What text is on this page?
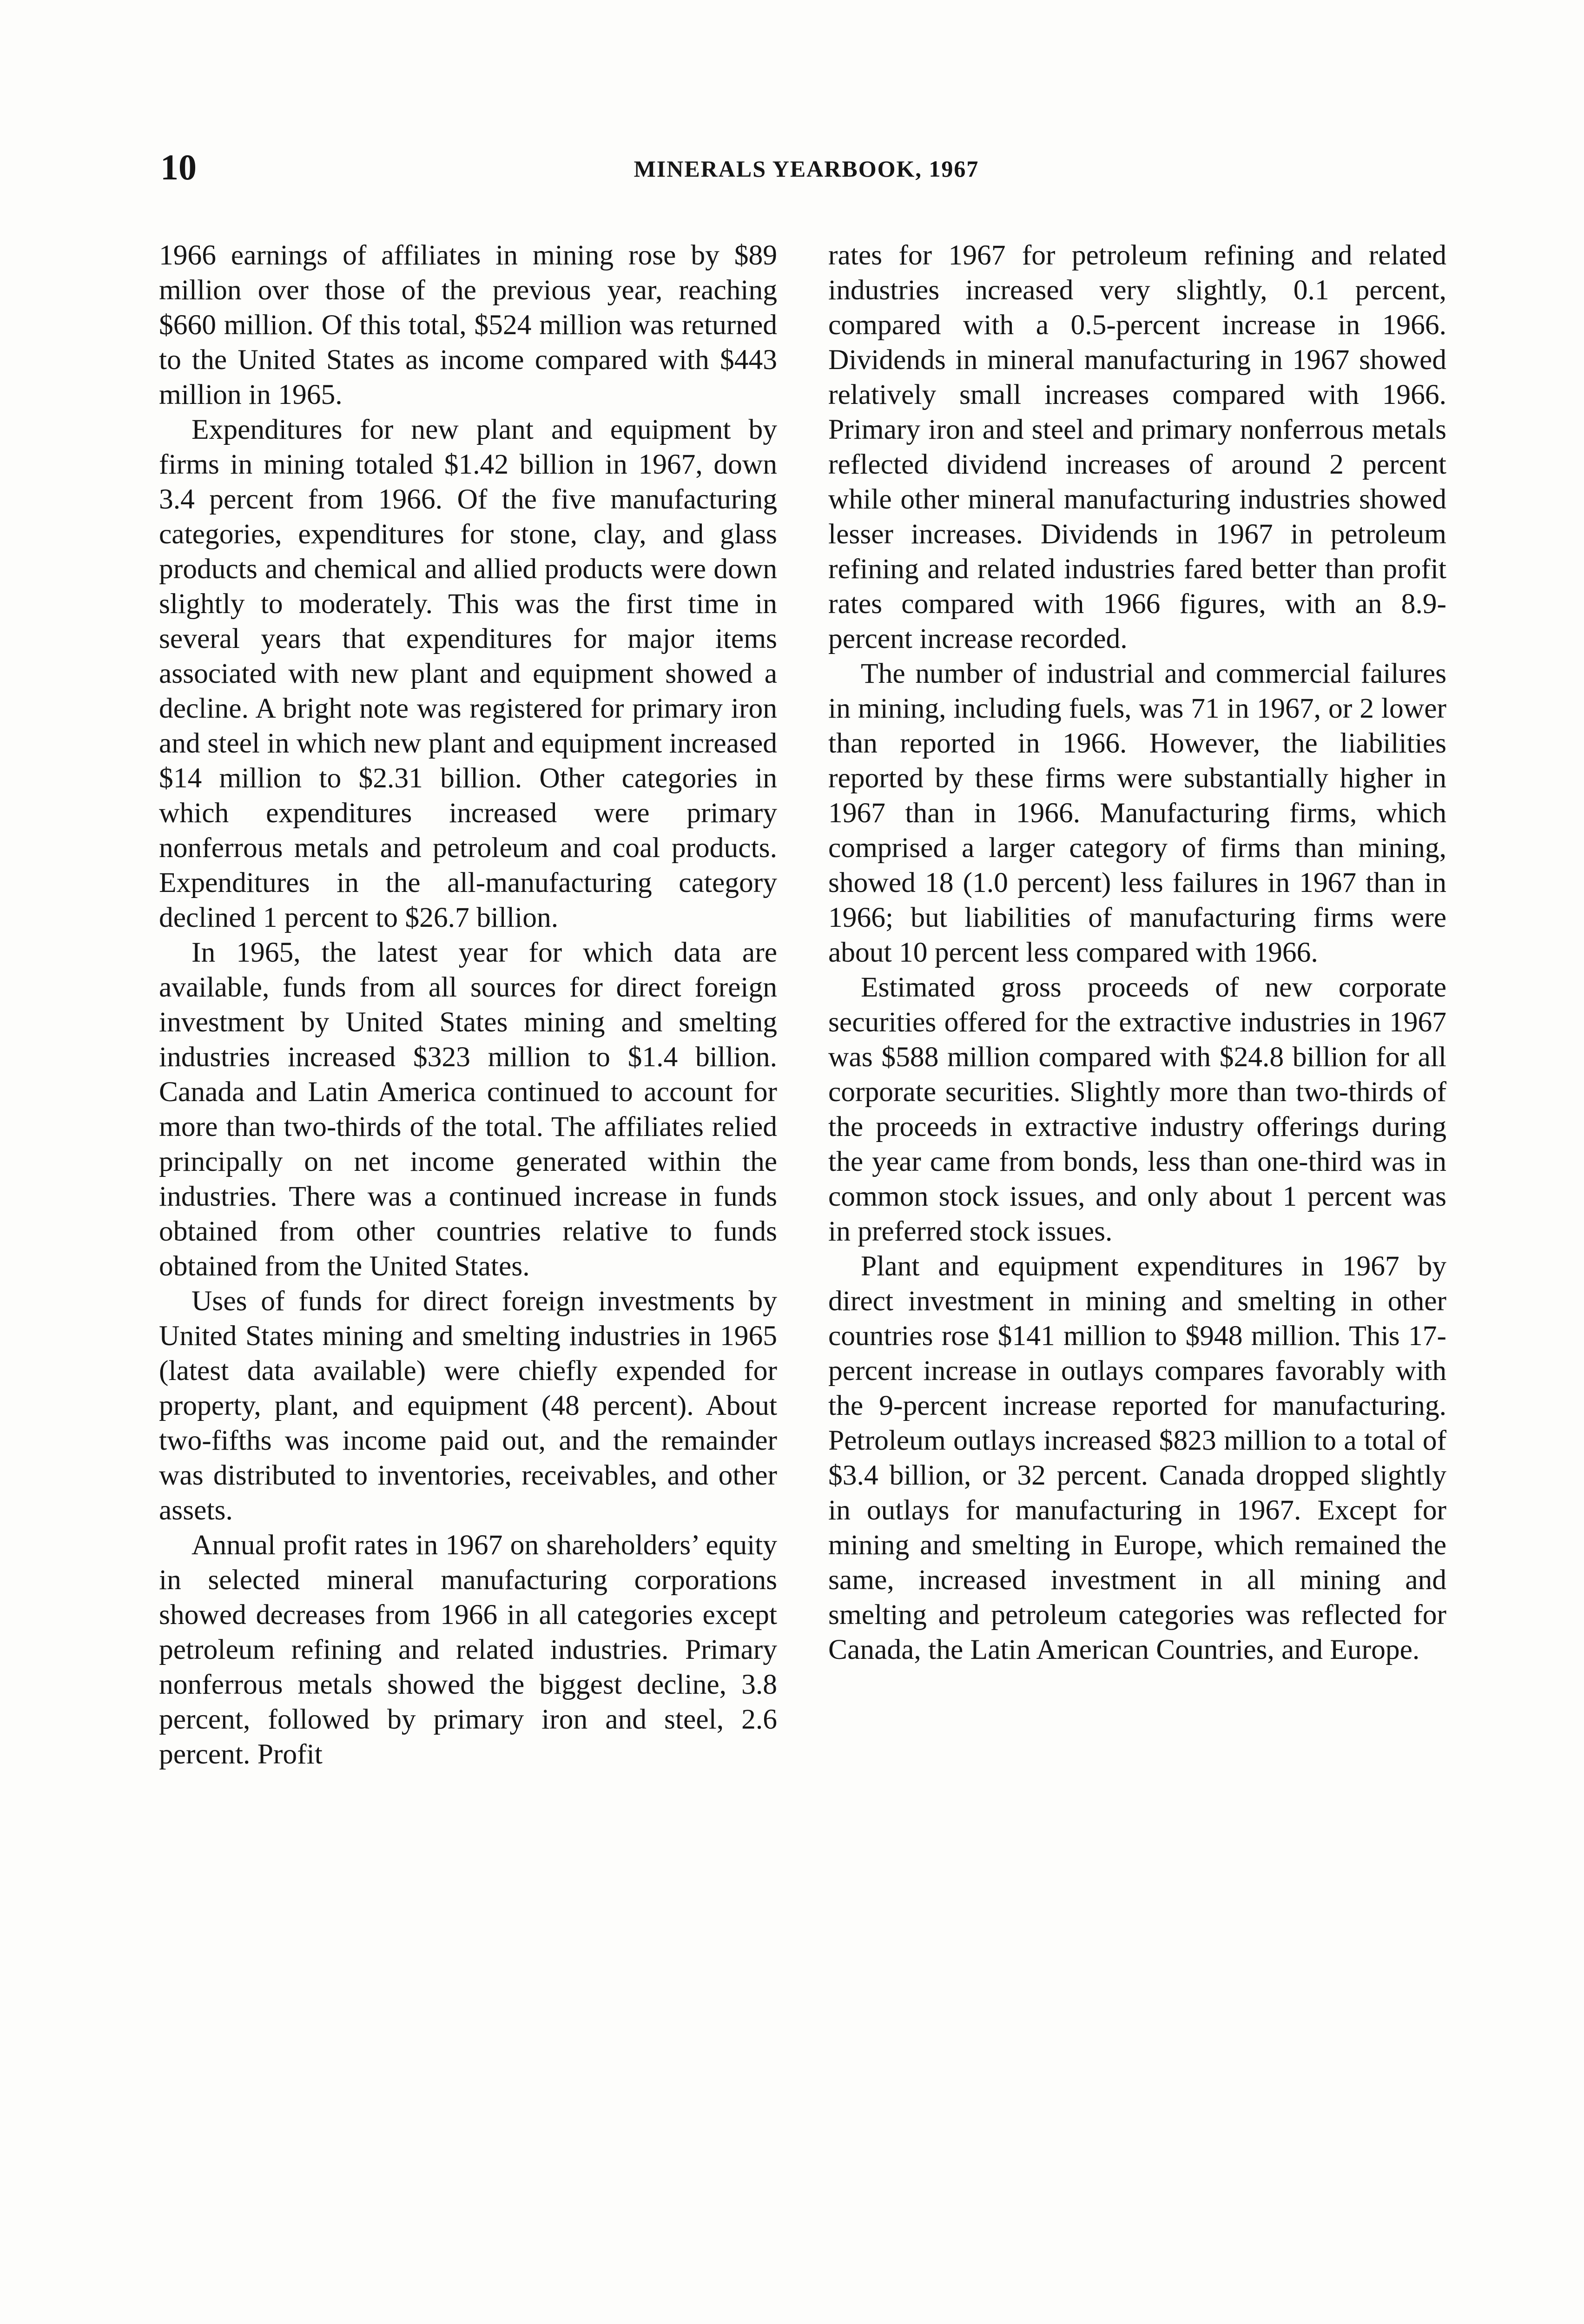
10	MINERALS YEARBOOK, 1967

1966 earnings of affiliates in mining rose by $89 million over those of the previous year, reaching $660 million. Of this total, $524 million was returned to the United States as income compared with $443 million in 1965.

Expenditures for new plant and equipment by firms in mining totaled $1.42 billion in 1967, down 3.4 percent from 1966. Of the five manufacturing categories, expenditures for stone, clay, and glass products and chemical and allied products were down slightly to moderately. This was the first time in several years that expenditures for major items associated with new plant and equipment showed a decline. A bright note was registered for primary iron and steel in which new plant and equipment increased $14 million to $2.31 billion. Other categories in which expenditures increased were primary nonferrous metals and petroleum and coal products. Expenditures in the all-manufacturing category declined 1 percent to $26.7 billion.

In 1965, the latest year for which data are available, funds from all sources for direct foreign investment by United States mining and smelting industries increased $323 million to $1.4 billion. Canada and Latin America continued to account for more than two-thirds of the total. The affiliates relied principally on net income generated within the industries. There was a continued increase in funds obtained from other countries relative to funds obtained from the United States.

Uses of funds for direct foreign investments by United States mining and smelting industries in 1965 (latest data available) were chiefly expended for property, plant, and equipment (48 percent). About two-fifths was income paid out, and the remainder was distributed to inventories, receivables, and other assets.

Annual profit rates in 1967 on shareholders’ equity in selected mineral manufacturing corporations showed decreases from 1966 in all categories except petroleum refining and related industries. Primary nonferrous metals showed the biggest decline, 3.8 percent, followed by primary iron and steel, 2.6 percent. Profit

rates for 1967 for petroleum refining and related industries increased very slightly, 0.1 percent, compared with a 0.5-percent increase in 1966. Dividends in mineral manufacturing in 1967 showed relatively small increases compared with 1966. Primary iron and steel and primary nonferrous metals reflected dividend increases of around 2 percent while other mineral manufacturing industries showed lesser increases. Dividends in 1967 in petroleum refining and related industries fared better than profit rates compared with 1966 figures, with an 8.9-percent increase recorded.

The number of industrial and commercial failures in mining, including fuels, was 71 in 1967, or 2 lower than reported in 1966. However, the liabilities reported by these firms were substantially higher in 1967 than in 1966. Manufacturing firms, which comprised a larger category of firms than mining, showed 18 (1.0 percent) less failures in 1967 than in 1966; but liabilities of manufacturing firms were about 10 percent less compared with 1966.

Estimated gross proceeds of new corporate securities offered for the extractive industries in 1967 was $588 million compared with $24.8 billion for all corporate securities. Slightly more than two-thirds of the proceeds in extractive industry offerings during the year came from bonds, less than one-third was in common stock issues, and only about 1 percent was in preferred stock issues.

Plant and equipment expenditures in 1967 by direct investment in mining and smelting in other countries rose $141 million to $948 million. This 17-percent increase in outlays compares favorably with the 9-percent increase reported for manufacturing. Petroleum outlays increased $823 million to a total of $3.4 billion, or 32 percent. Canada dropped slightly in outlays for manufacturing in 1967. Except for mining and smelting in Europe, which remained the same, increased investment in all mining and smelting and petroleum categories was reflected for Canada, the Latin American Countries, and Europe.
